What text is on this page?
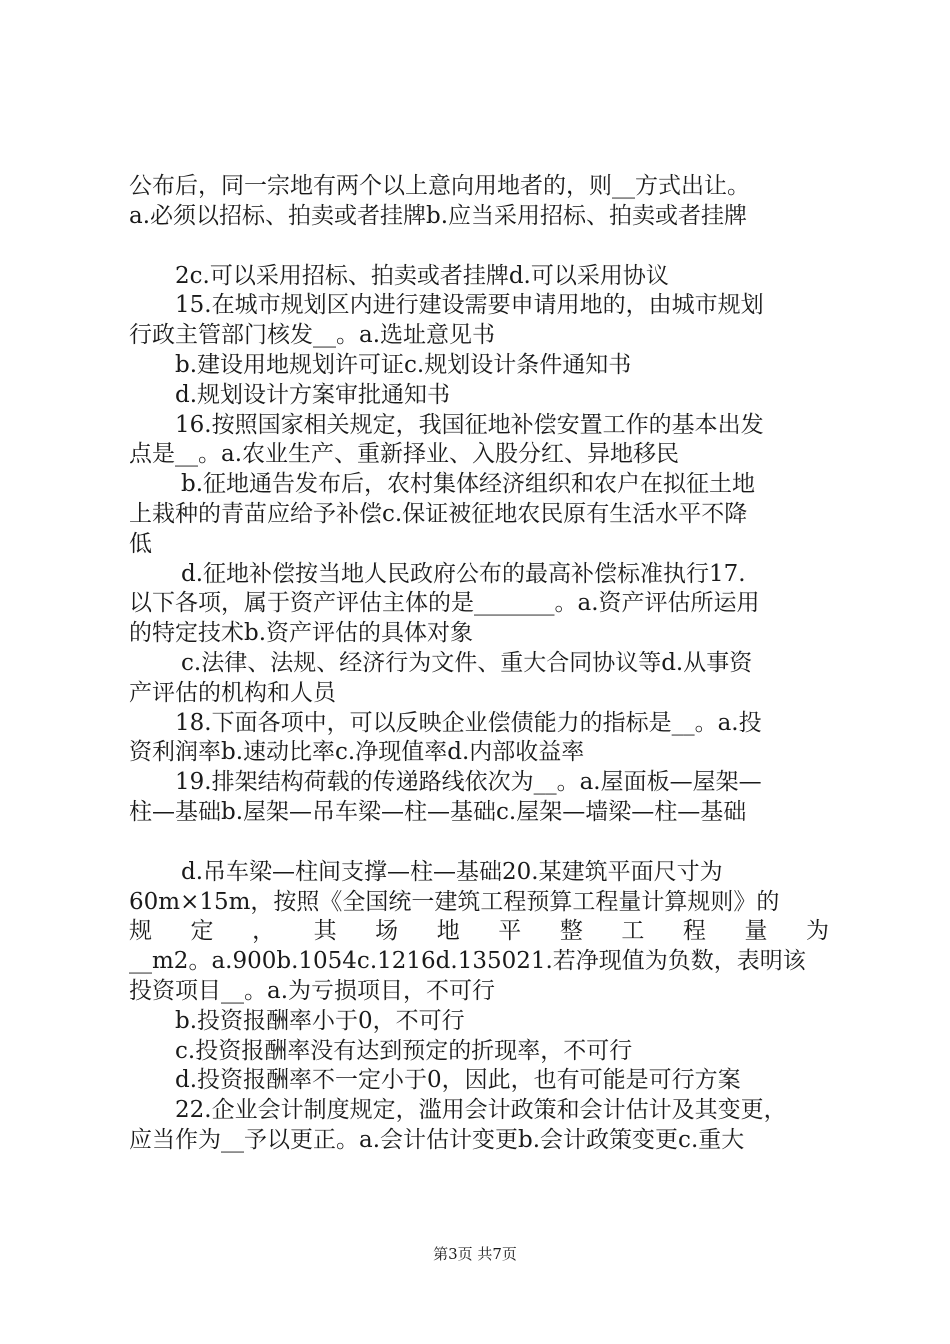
公布后，同一宗地有两个以上意向用地者的，则__方式出让。
a.必须以招标、拍卖或者挂牌b.应当采用招标、拍卖或者挂牌
2c.可以采用招标、拍卖或者挂牌d.可以采用协议
15.在城市规划区内进行建设需要申请用地的，由城市规划
行政主管部门核发__。a.选址意见书
b.建设用地规划许可证c.规划设计条件通知书
d.规划设计方案审批通知书
16.按照国家相关规定，我国征地补偿安置工作的基本出发
点是__。a.农业生产、重新择业、入股分红、异地移民
b.征地通告发布后，农村集体经济组织和农户在拟征土地
上栽种的青苗应给予补偿c.保证被征地农民原有生活水平不降
低
d.征地补偿按当地人民政府公布的最高补偿标准执行17.
以下各项，属于资产评估主体的是_______。a.资产评估所运用
的特定技术b.资产评估的具体对象
c.法律、法规、经济行为文件、重大合同协议等d.从事资
产评估的机构和人员
18.下面各项中，可以反映企业偿债能力的指标是__。a.投
资利润率b.速动比率c.净现值率d.内部收益率
19.排架结构荷载的传递路线依次为__。a.屋面板—屋架—
柱—基础b.屋架—吊车梁—柱—基础c.屋架—墙梁—柱—基础
d.吊车梁—柱间支撑—柱—基础20.某建筑平面尺寸为
60m×15m，按照《全国统一建筑工程预算工程量计算规则》的
规定，其场地平整工程量为
__m2。a.900b.1054c.1216d.135021.若净现值为负数，表明该
投资项目__。a.为亏损项目，不可行
b.投资报酬率小于0，不可行
c.投资报酬率没有达到预定的折现率，不可行
d.投资报酬率不一定小于0，因此，也有可能是可行方案
22.企业会计制度规定，滥用会计政策和会计估计及其变更，
应当作为__予以更正。a.会计估计变更b.会计政策变更c.重大
第3页 共7页
